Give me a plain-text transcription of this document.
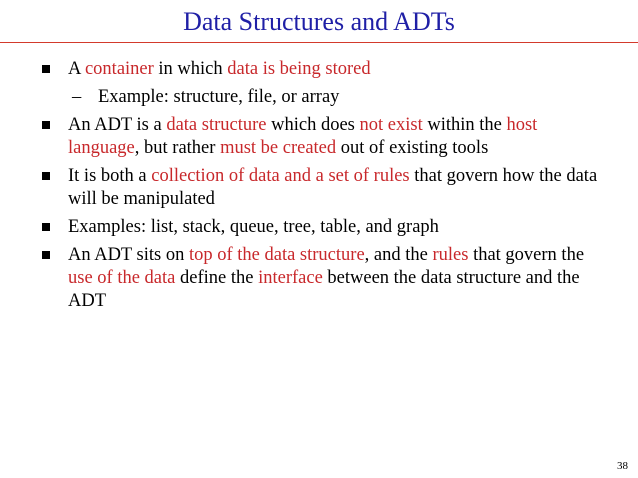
Data Structures and ADTs
A container in which data is being stored
– Example: structure, file, or array
An ADT is a data structure which does not exist within the host language, but rather must be created out of existing tools
It is both a collection of data and a set of rules that govern how the data will be manipulated
Examples: list, stack, queue, tree, table, and graph
An ADT sits on top of the data structure, and the rules that govern the use of the data define the interface between the data structure and the ADT
38
